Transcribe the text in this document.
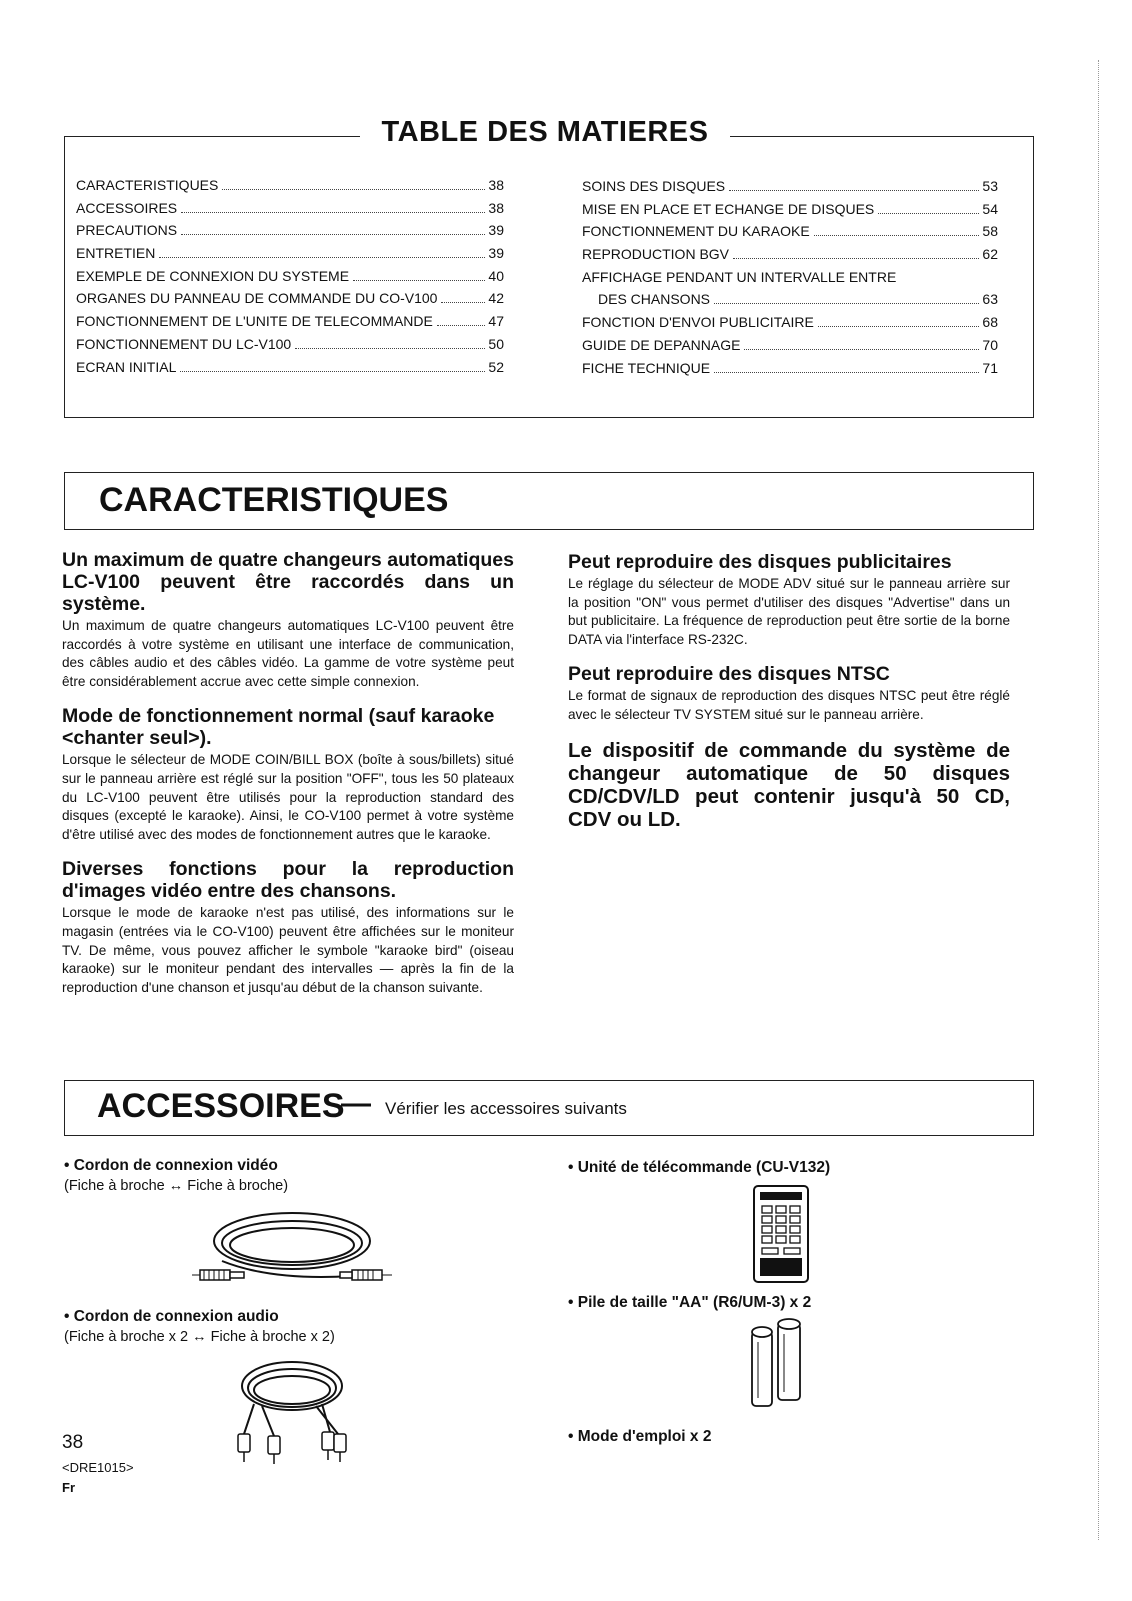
TABLE DES MATIERES
CARACTERISTIQUES	38
ACCESSOIRES	38
PRECAUTIONS	39
ENTRETIEN	39
EXEMPLE DE CONNEXION DU SYSTEME	40
ORGANES DU PANNEAU DE COMMANDE DU CO-V100	42
FONCTIONNEMENT DE L'UNITE DE TELECOMMANDE	47
FONCTIONNEMENT DU LC-V100	50
ECRAN INITIAL	52
SOINS DES DISQUES	53
MISE EN PLACE ET ECHANGE DE DISQUES	54
FONCTIONNEMENT DU KARAOKE	58
REPRODUCTION BGV	62
AFFICHAGE PENDANT UN INTERVALLE ENTRE
DES CHANSONS	63
FONCTION D'ENVOI PUBLICITAIRE	68
GUIDE DE DEPANNAGE	70
FICHE TECHNIQUE	71
CARACTERISTIQUES
Un maximum de quatre changeurs automatiques LC-V100 peuvent être raccordés dans un système.

Un maximum de quatre changeurs automatiques LC-V100 peuvent être raccordés à votre système en utilisant une interface de communication, des câbles audio et des câbles vidéo. La gamme de votre système peut être considérablement accrue avec cette simple connexion.

Mode de fonctionnement normal (sauf karaoke <chanter seul>).

Lorsque le sélecteur de MODE COIN/BILL BOX (boîte à sous/billets) situé sur le panneau arrière est réglé sur la position "OFF", tous les 50 plateaux du LC-V100 peuvent être utilisés pour la reproduction standard des disques (excepté le karaoke). Ainsi, le CO-V100 permet à votre système d'être utilisé avec des modes de fonctionnement autres que le karaoke.

Diverses fonctions pour la reproduction d'images vidéo entre des chansons.

Lorsque le mode de karaoke n'est pas utilisé, des informations sur le magasin (entrées via le CO-V100) peuvent être affichées sur le moniteur TV. De même, vous pouvez afficher le symbole "karaoke bird" (oiseau karaoke) sur le moniteur pendant des intervalles — après la fin de la reproduction d'une chanson et jusqu'au début de la chanson suivante.

Peut reproduire des disques publicitaires

Le réglage du sélecteur de MODE ADV situé sur le panneau arrière sur la position "ON" vous permet d'utiliser des disques "Advertise" dans un but publicitaire. La fréquence de reproduction peut être sortie de la borne DATA via l'interface RS-232C.

Peut reproduire des disques NTSC

Le format de signaux de reproduction des disques NTSC peut être réglé avec le sélecteur TV SYSTEM situé sur le panneau arrière.

Le dispositif de commande du système de changeur automatique de 50 disques CD/CDV/LD peut contenir jusqu'à 50 CD, CDV ou LD.
ACCESSOIRES
— Vérifier les accessoires suivants
• Cordon de connexion vidéo
(Fiche à broche ↔ Fiche à broche)
• Cordon de connexion audio
(Fiche à broche x 2 ↔ Fiche à broche x 2)
• Unité de télécommande (CU-V132)
• Pile de taille "AA" (R6/UM-3) x 2
• Mode d'emploi x 2
38
<DRE1015>
Fr
